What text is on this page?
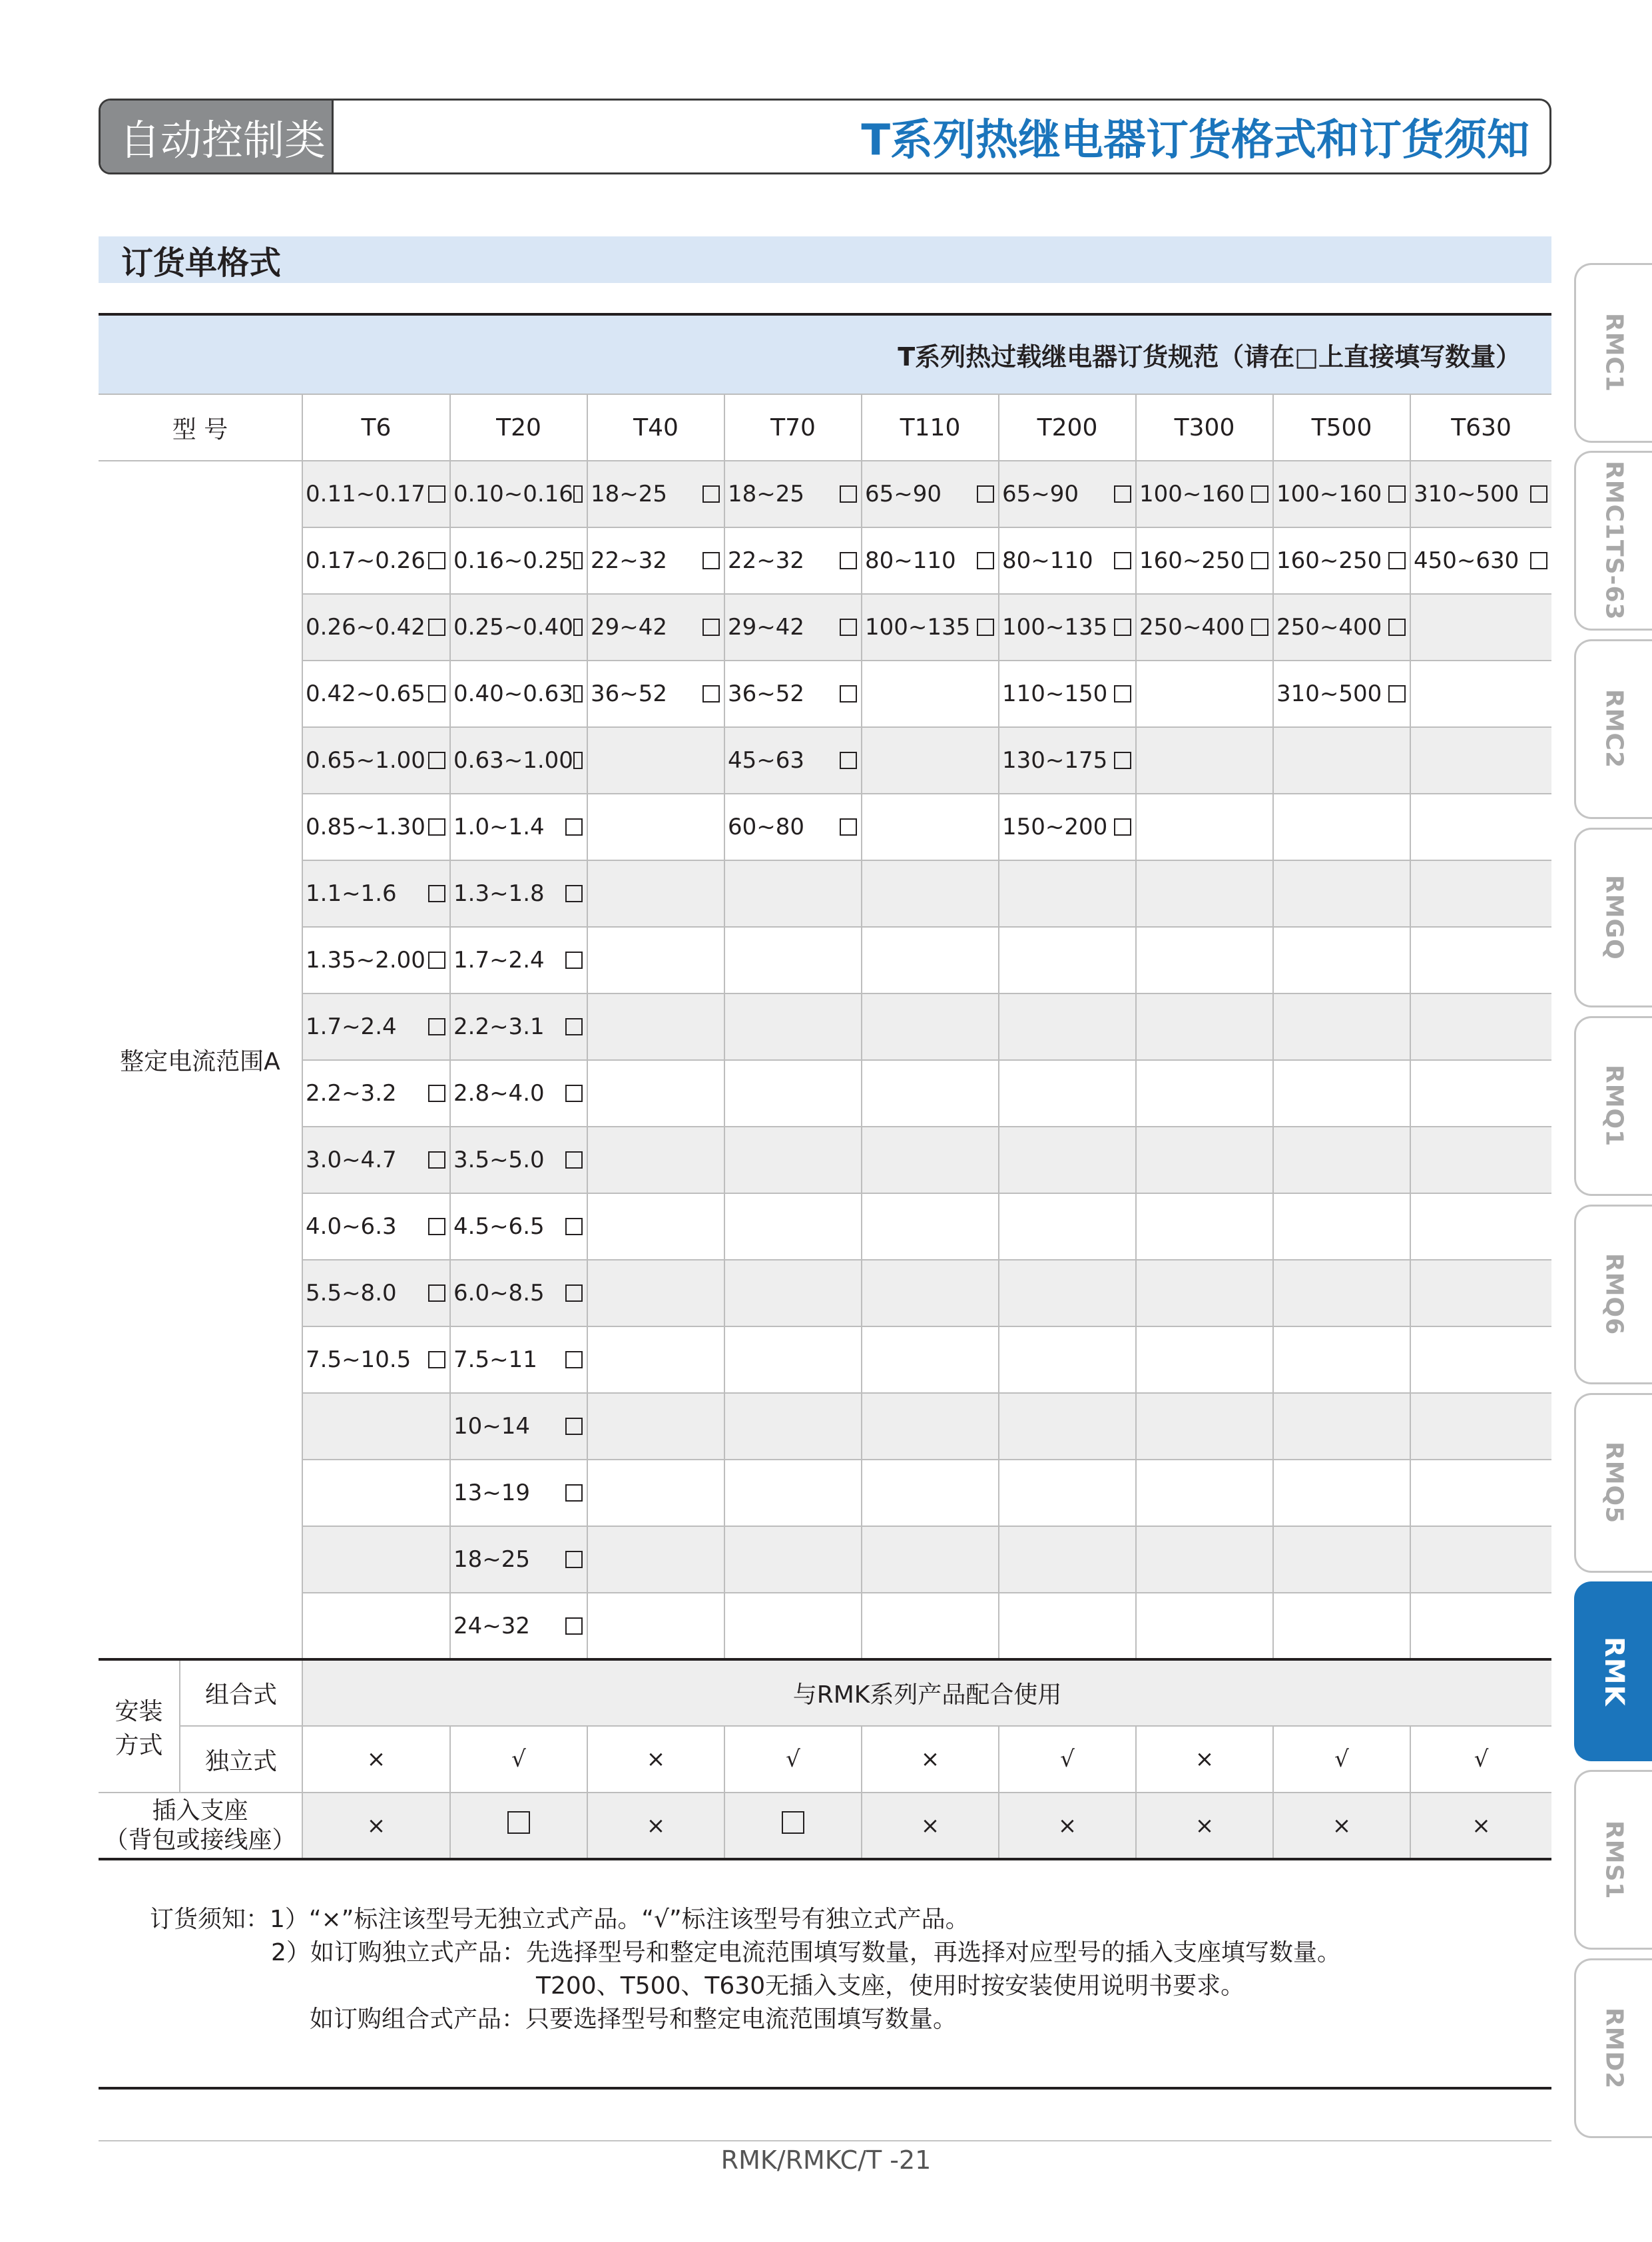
自动控制类	T系列热继电器订货格式和订货须知
订货单格式
T系列热过载继电器订货规范（请在□上直接填写数量）										
型 号		T6	T20	T40	T70	T110	T200	T300	T500	T630
整定电流范围A		0.11~0.17	0.10~0.16	18~25	18~25	65~90	65~90	100~160	100~160	310~500

		0.17~0.26	0.16~0.25	22~32	22~32	80~110	80~110	160~250	160~250	450~630

		0.26~0.42	0.25~0.40	29~42	29~42	100~135	100~135	250~400	250~400	

		0.42~0.65	0.40~0.63	36~52	36~52		110~150		310~500	

		0.65~1.00	0.63~1.00		45~63		130~175			

		0.85~1.30	1.0~1.4		60~80		150~200			

		1.1~1.6	1.3~1.8							

		1.35~2.00	1.7~2.4							

		1.7~2.4	2.2~3.1							

		2.2~3.2	2.8~4.0							

		3.0~4.7	3.5~5.0							

		4.0~6.3	4.5~6.5							

		5.5~8.0	6.0~8.5							

		7.5~10.5	7.5~11							

			10~14							

			13~19							

			18~25							

			24~32							

安装
方式	组合式	与RMK系列产品配合使用								
	独立式	×	√	×	√	×	√	×	√	√
插入支座
（背包或接线座）		×		×		×	×	×	×	×
订货须知：1）“×”标注该型号无独立式产品。“√”标注该型号有独立式产品。
2）如订购独立式产品：先选择型号和整定电流范围填写数量，再选择对应型号的插入支座填写数量。
T200、T500、T630无插入支座，使用时按安装使用说明书要求。
如订购组合式产品：只要选择型号和整定电流范围填写数量。
RMK/RMKC/T -21
RMC1
RMC1TS-63
RMC2
RMGQ
RMQ1
RMQ6
RMQ5
RMK
RMS1
RMD2
